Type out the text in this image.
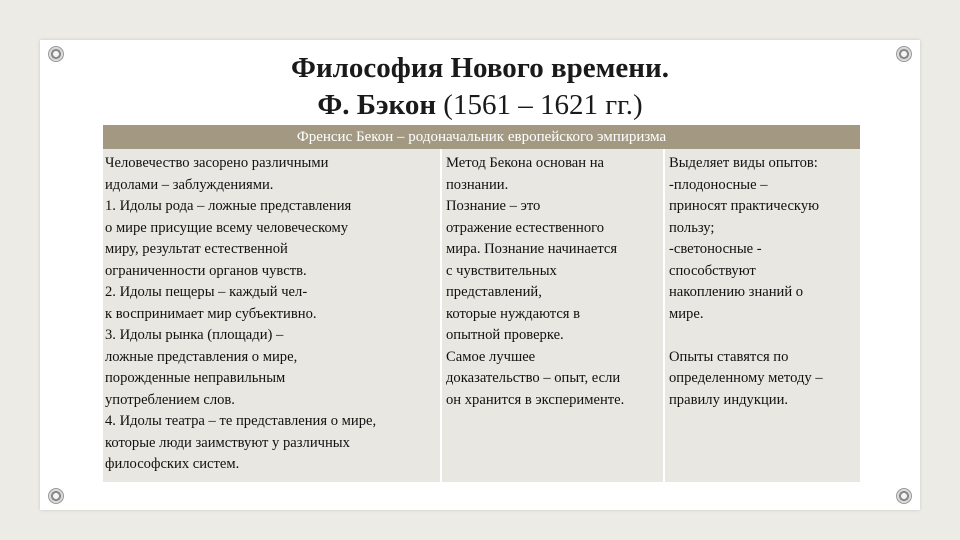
Философия Нового времени.
Ф. Бэкон (1561 – 1621 гг.)
Френсис Бекон – родоначальник европейского эмпиризма
Человечество засорено различными
идолами – заблуждениями.
1. Идолы рода – ложные представления
о мире присущие всему человеческому
миру, результат естественной
ограниченности органов чувств.
2. Идолы пещеры – каждый чел-
к воспринимает мир субъективно.
3. Идолы рынка (площади) –
ложные представления о мире,
порожденные неправильным
употреблением слов.
4. Идолы театра – те представления о мире,
которые люди заимствуют у различных
философских систем.
Метод Бекона основан на
познании.
Познание – это
отражение естественного
мира. Познание начинается
с чувствительных
представлений,
которые нуждаются в
опытной проверке.
Самое лучшее
доказательство – опыт, если
он хранится в эксперименте.
Выделяет виды опытов:
-плодоносные –
приносят практическую
пользу;
-светоносные -
способствуют
накоплению знаний о
мире.

Опыты ставятся по
определенному методу –
правилу индукции.
